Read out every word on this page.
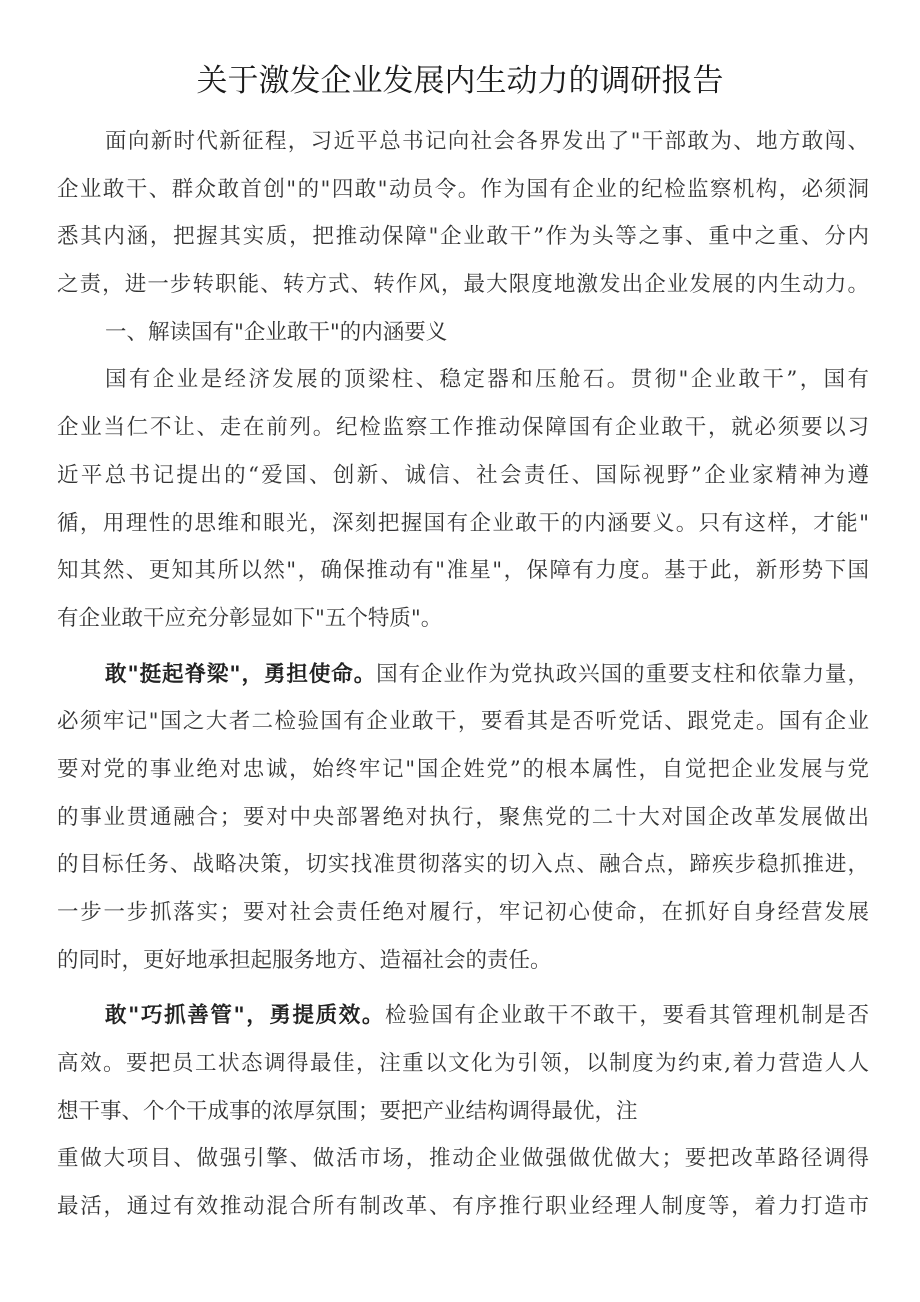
关于激发企业发展内生动力的调研报告
面向新时代新征程，习近平总书记向社会各界发出了"干部敢为、地方敢闯、
企业敢干、群众敢首创"的"四敢"动员令。作为国有企业的纪检监察机构，必须洞
悉其内涵，把握其实质，把推动保障"企业敢干”作为头等之事、重中之重、分内
之责，进一步转职能、转方式、转作风，最大限度地激发出企业发展的内生动力。
一、解读国有"企业敢干"的内涵要义
国有企业是经济发展的顶梁柱、稳定器和压舱石。贯彻"企业敢干”，国有
企业当仁不让、走在前列。纪检监察工作推动保障国有企业敢干，就必须要以习
近平总书记提出的“爱国、创新、诚信、社会责任、国际视野”企业家精神为遵
循，用理性的思维和眼光，深刻把握国有企业敢干的内涵要义。只有这样，才能"
知其然、更知其所以然"，确保推动有"准星"，保障有力度。基于此，新形势下国
有企业敢干应充分彰显如下"五个特质"。
敢"挺起脊梁"，勇担使命。国有企业作为党执政兴国的重要支柱和依靠力量，
必须牢记"国之大者二检验国有企业敢干，要看其是否听党话、跟党走。国有企业
要对党的事业绝对忠诚，始终牢记"国企姓党”的根本属性，自觉把企业发展与党
的事业贯通融合；要对中央部署绝对执行，聚焦党的二十大对国企改革发展做出
的目标任务、战略决策，切实找准贯彻落实的切入点、融合点，蹄疾步稳抓推进，
一步一步抓落实；要对社会责任绝对履行，牢记初心使命，在抓好自身经营发展
的同时，更好地承担起服务地方、造福社会的责任。
敢"巧抓善管"，勇提质效。检验国有企业敢干不敢干，要看其管理机制是否
高效。要把员工状态调得最佳，注重以文化为引领，以制度为约束,着力营造人人
想干事、个个干成事的浓厚氛围；要把产业结构调得最优，注
重做大项目、做强引擎、做活市场，推动企业做强做优做大；要把改革路径调得
最活，通过有效推动混合所有制改革、有序推行职业经理人制度等，着力打造市
